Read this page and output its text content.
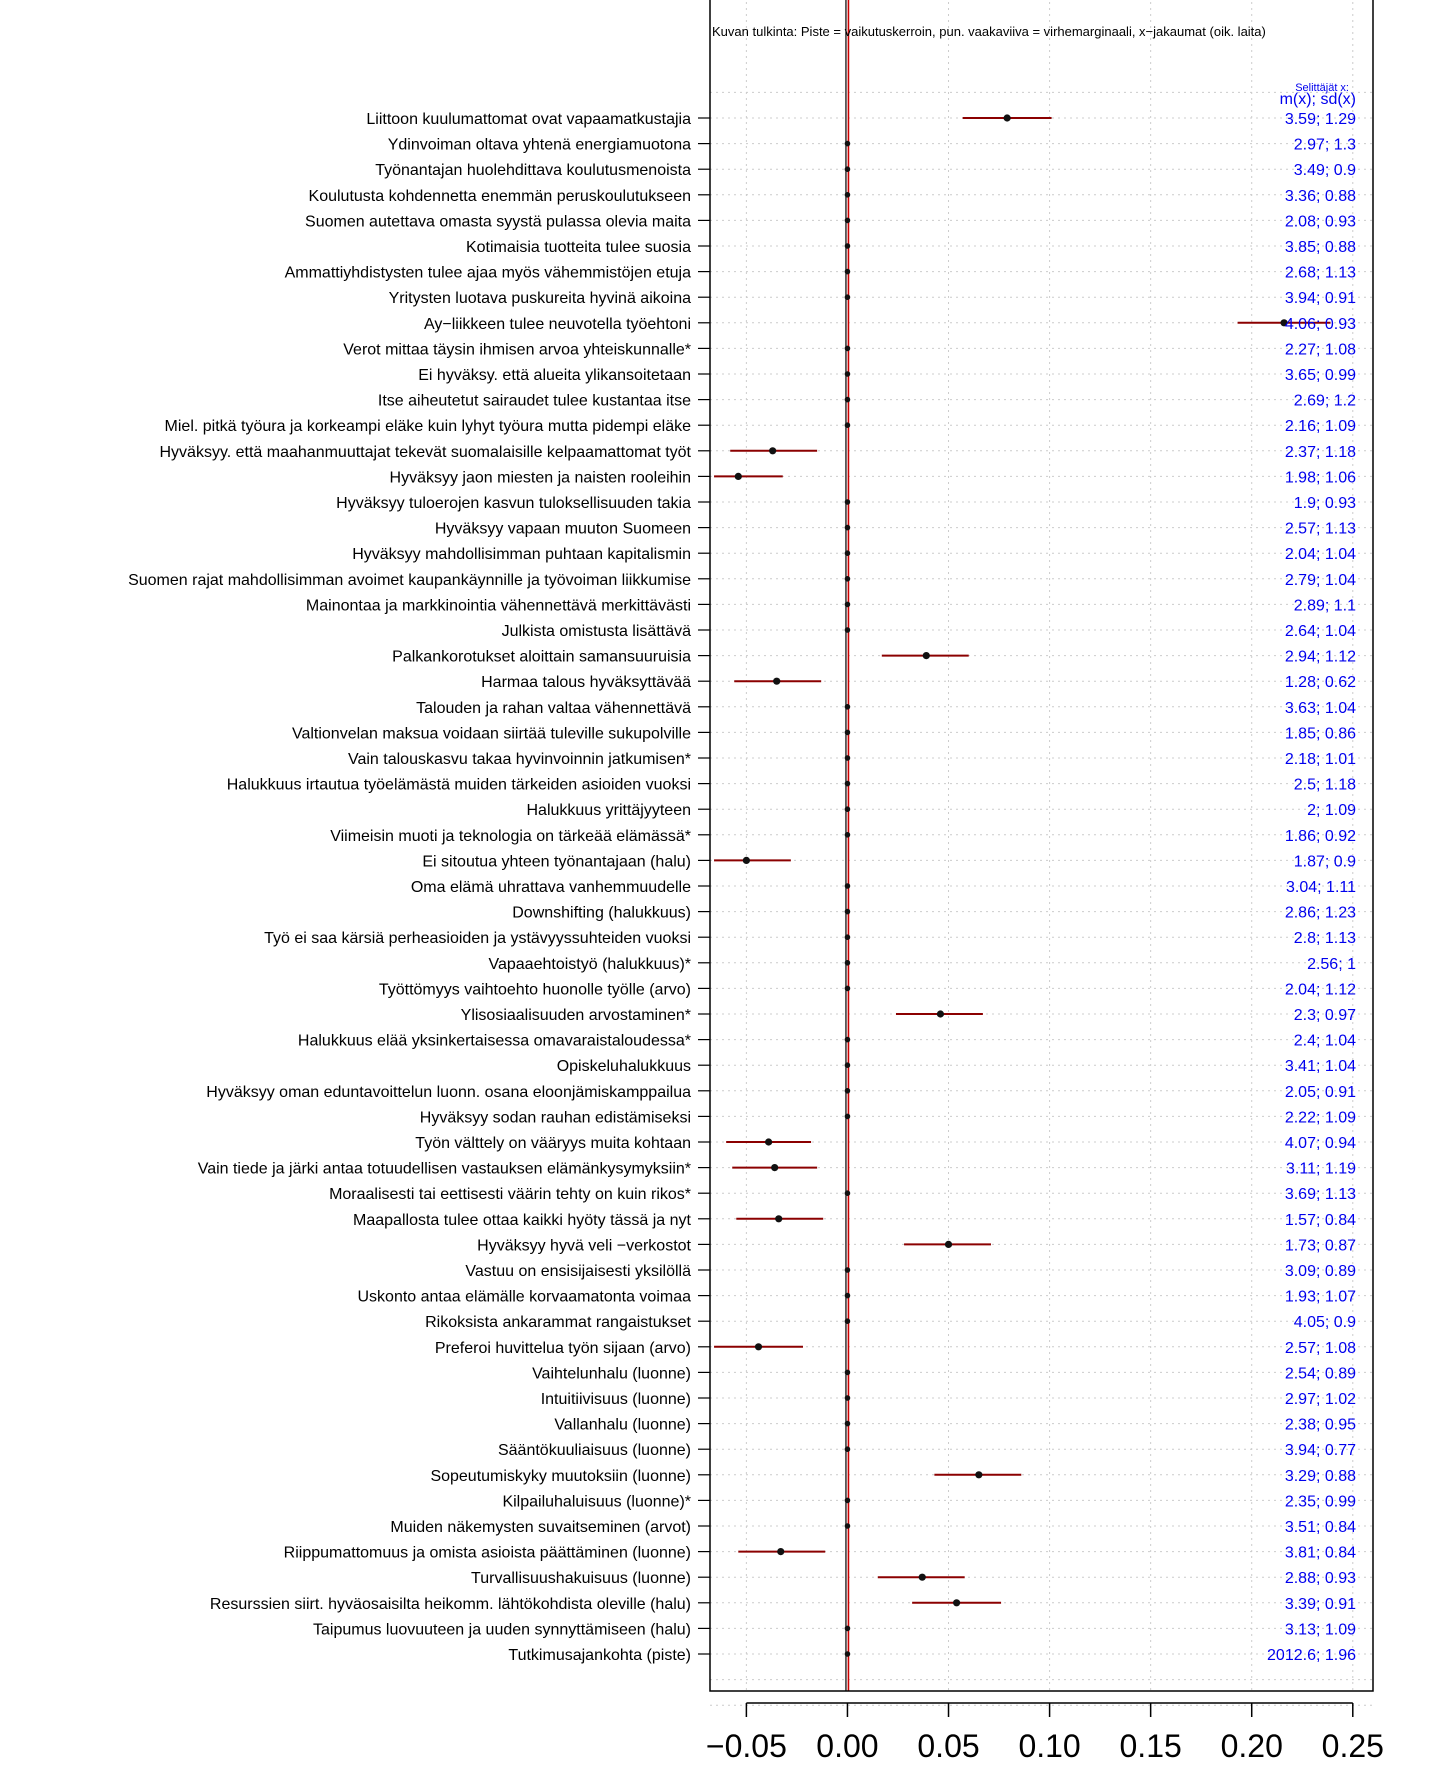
Liittoon kuulumattomat ovat vapaamatkustajia
Ydinvoiman oltava yhtenä energiamuotona
Työnantajan huolehdittava koulutusmenoista
Koulutusta kohdennetta enemmän peruskoulutukseen
Suomen autettava omasta syystä pulassa olevia maita
Kotimaisia tuotteita tulee suosia
Ammattiyhdistysten tulee ajaa myös vähemmistöjen etuja
Yritysten luotava puskureita hyvinä aikoina
Ay−liikkeen tulee neuvotella työehtoni
Verot mittaa täysin ihmisen arvoa yhteiskunnalle*
Ei hyväksy. että alueita ylikansoitetaan
Itse aiheutetut sairaudet tulee kustantaa itse
Miel. pitkä työura ja korkeampi eläke kuin lyhyt työura mutta pidempi eläke
Hyväksyy. että maahanmuuttajat tekevät suomalaisille kelpaamattomat työt
Hyväksyy jaon miesten ja naisten rooleihin
Hyväksyy tuloerojen kasvun tuloksellisuuden takia
Hyväksyy vapaan muuton Suomeen
Hyväksyy mahdollisimman puhtaan kapitalismin
Suomen rajat mahdollisimman avoimet kaupankäynnille ja työvoiman liikkumise
Mainontaa ja markkinointia vähennettävä merkittävästi
Julkista omistusta lisättävä
Palkankorotukset aloittain samansuuruisia
Harmaa talous hyväksyttävää
Talouden ja rahan valtaa vähennettävä
Valtionvelan maksua voidaan siirtää tuleville sukupolville
Vain talouskasvu takaa hyvinvoinnin jatkumisen*
Halukkuus irtautua työelämästä muiden tärkeiden asioiden vuoksi
Halukkuus yrittäjyyteen
Viimeisin muoti ja teknologia on tärkeää elämässä*
Ei sitoutua yhteen työnantajaan (halu)
Oma elämä uhrattava vanhemmuudelle
Downshifting (halukkuus)
Työ ei saa kärsiä perheasioiden ja ystävyyssuhteiden vuoksi
Vapaaehtoistyö (halukkuus)*
Työttömyys vaihtoehto huonolle työlle (arvo)
Ylisosiaalisuuden arvostaminen*
Halukkuus elää yksinkertaisessa omavaraistaloudessa*
Opiskeluhalukkuus
Hyväksyy oman eduntavoittelun luonn. osana eloonjämiskamppailua
Hyväksyy sodan rauhan edistämiseksi
Työn välttely on vääryys muita kohtaan
Vain tiede ja järki antaa totuudellisen vastauksen elämänkysymyksiin*
Moraalisesti tai eettisesti väärin tehty on kuin rikos*
Maapallosta tulee ottaa kaikki hyöty tässä ja nyt
Hyväksyy hyvä veli −verkostot
Vastuu on ensisijaisesti yksilöllä
Uskonto antaa elämälle korvaamatonta voimaa
Rikoksista ankarammat rangaistukset
Preferoi huvittelua työn sijaan (arvo)
Vaihtelunhalu (luonne)
Intuitiivisuus (luonne)
Vallanhalu (luonne)
Sääntökuuliaisuus (luonne)
Sopeutumiskyky muutoksiin (luonne)
Kilpailuhaluisuus (luonne)*
Muiden näkemysten suvaitseminen (arvot)
Riippumattomuus ja omista asioista päättäminen (luonne)
Turvallisuushakuisuus (luonne)
Resurssien siirt. hyväosaisilta heikomm. lähtökohdista oleville (halu)
Taipumus luovuuteen ja uuden synnyttämiseen (halu)
Tutkimusajankohta (piste)
3.59; 1.29
2.97; 1.3
3.49; 0.9
3.36; 0.88
2.08; 0.93
3.85; 0.88
2.68; 1.13
3.94; 0.91
4.06; 0.93
2.27; 1.08
3.65; 0.99
2.69; 1.2
2.16; 1.09
2.37; 1.18
1.98; 1.06
1.9; 0.93
2.57; 1.13
2.04; 1.04
2.79; 1.04
2.89; 1.1
2.64; 1.04
2.94; 1.12
1.28; 0.62
3.63; 1.04
1.85; 0.86
2.18; 1.01
2.5; 1.18
2; 1.09
1.86; 0.92
1.87; 0.9
3.04; 1.11
2.86; 1.23
2.8; 1.13
2.56; 1
2.04; 1.12
2.3; 0.97
2.4; 1.04
3.41; 1.04
2.05; 0.91
2.22; 1.09
4.07; 0.94
3.11; 1.19
3.69; 1.13
1.57; 0.84
1.73; 0.87
3.09; 0.89
1.93; 1.07
4.05; 0.9
2.57; 1.08
2.54; 0.89
2.97; 1.02
2.38; 0.95
3.94; 0.77
3.29; 0.88
2.35; 0.99
3.51; 0.84
3.81; 0.84
2.88; 0.93
3.39; 0.91
3.13; 1.09
2012.6; 1.96
−0.05 0.00 0.05 0.10 0.15 0.20 0.25
Kuvan tulkinta: Piste = vaikutuskerroin, pun. vaakaviiva = virhemarginaali, x−jakaumat (oik. laita)
Selittäjät x:
m(x); sd(x)
